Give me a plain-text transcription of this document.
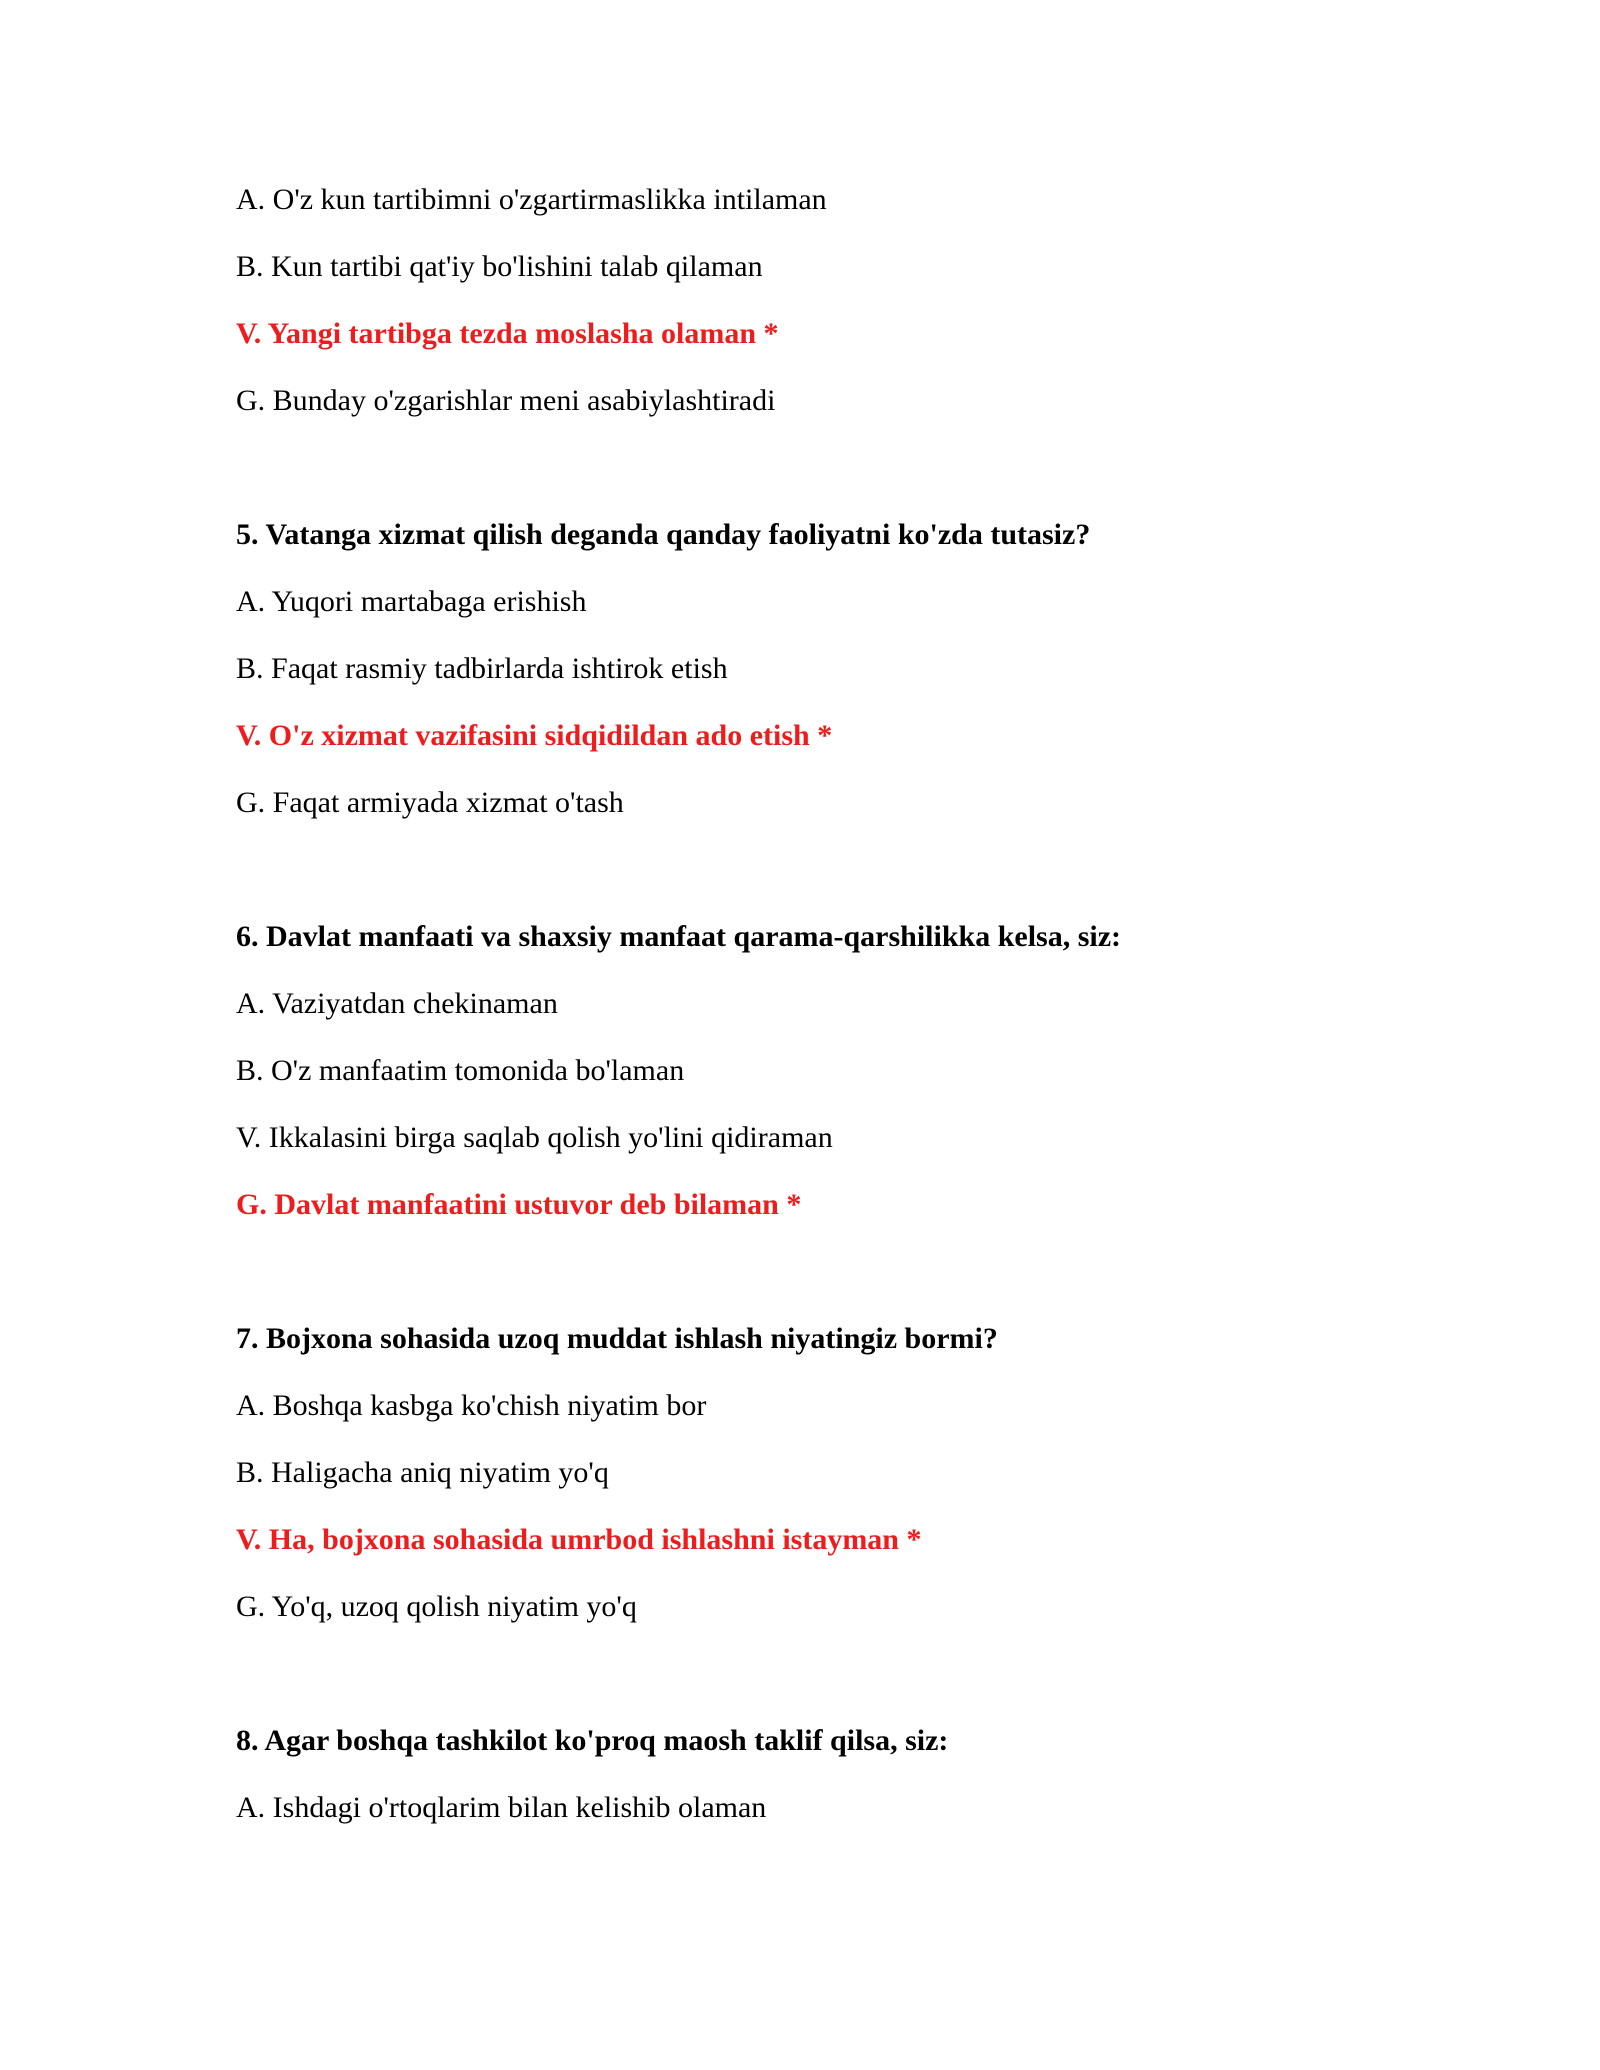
A. O'z kun tartibimni o'zgartirmaslikka intilaman
B. Kun tartibi qat'iy bo'lishini talab qilaman
V. Yangi tartibga tezda moslasha olaman *
G. Bunday o'zgarishlar meni asabiylashtiradi
5. Vatanga xizmat qilish deganda qanday faoliyatni ko'zda tutasiz?
A. Yuqori martabaga erishish
B. Faqat rasmiy tadbirlarda ishtirok etish
V. O'z xizmat vazifasini sidqidildan ado etish *
G. Faqat armiyada xizmat o'tash
6. Davlat manfaati va shaxsiy manfaat qarama-qarshilikka kelsa, siz:
A. Vaziyatdan chekinaman
B. O'z manfaatim tomonida bo'laman
V. Ikkalasini birga saqlab qolish yo'lini qidiraman
G. Davlat manfaatini ustuvor deb bilaman *
7. Bojxona sohasida uzoq muddat ishlash niyatingiz bormi?
A. Boshqa kasbga ko'chish niyatim bor
B. Haligacha aniq niyatim yo'q
V. Ha, bojxona sohasida umrbod ishlashni istayman *
G. Yo'q, uzoq qolish niyatim yo'q
8. Agar boshqa tashkilot ko'proq maosh taklif qilsa, siz:
A. Ishdagi o'rtoqlarim bilan kelishib olaman
